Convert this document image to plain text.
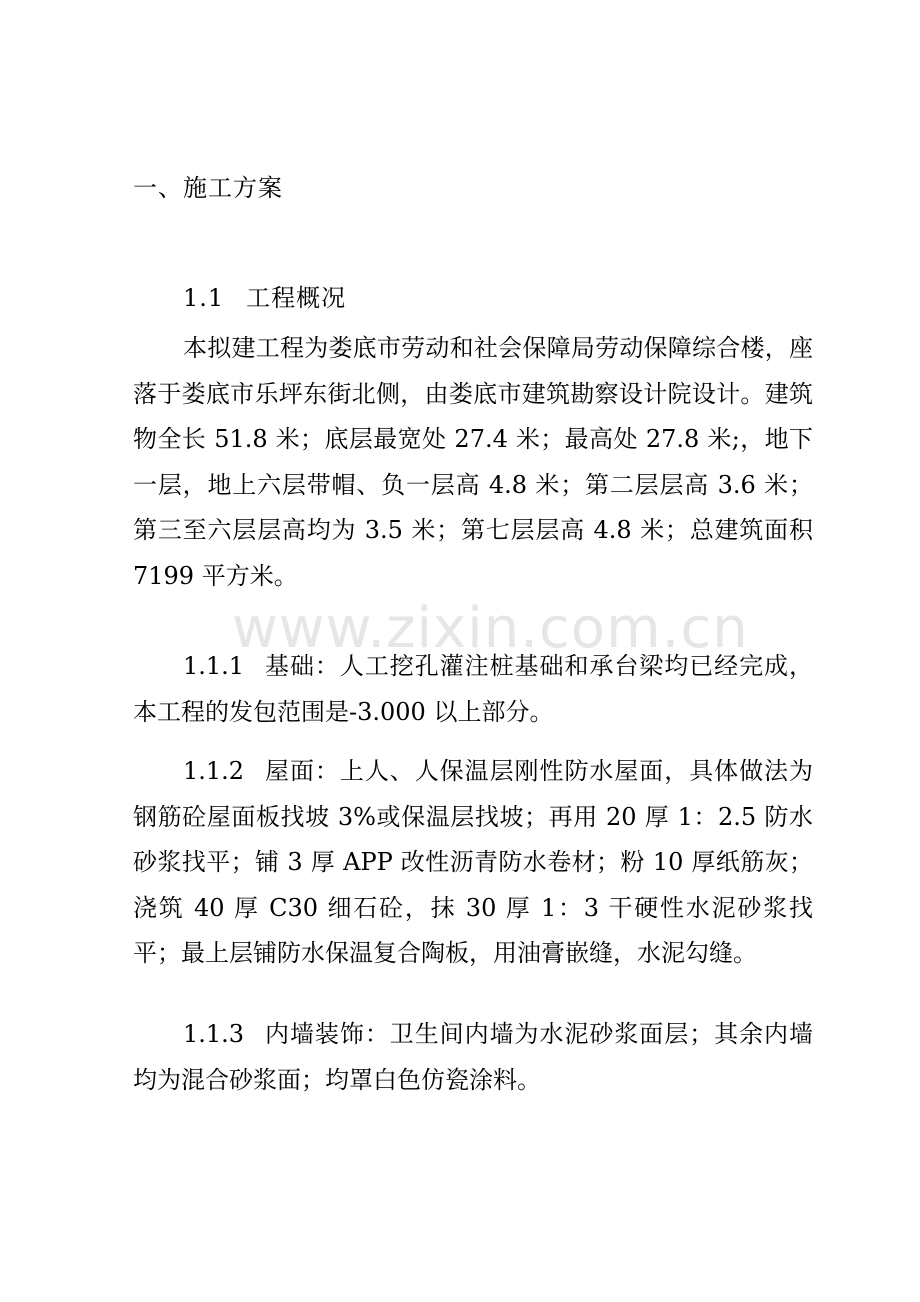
www.zixin.com.cn
一、施工方案
1.1 工程概况

本拟建工程为娄底市劳动和社会保障局劳动保障综合楼，座落于娄底市乐坪东街北侧，由娄底市建筑勘察设计院设计。建筑物全长 51.8 米；底层最宽处 27.4 米；最高处 27.8 米;，地下一层，地上六层带帽、负一层高 4.8 米；第二层层高 3.6 米；第三至六层层高均为 3.5 米；第七层层高 4.8 米；总建筑面积 7199 平方米。

1.1.1 基础：人工挖孔灌注桩基础和承台梁均已经完成，本工程的发包范围是-3.000 以上部分。

1.1.2 屋面：上人、人保温层刚性防水屋面，具体做法为钢筋砼屋面板找坡 3%或保温层找坡；再用 20 厚 1：2.5 防水砂浆找平；铺 3 厚 APP 改性沥青防水卷材；粉 10 厚纸筋灰；浇筑 40 厚 C30 细石砼，抹 30 厚 1：3 干硬性水泥砂浆找平；最上层铺防水保温复合陶板，用油膏嵌缝，水泥勾缝。

1.1.3 内墙装饰：卫生间内墙为水泥砂浆面层；其余内墙均为混合砂浆面；均罩白色仿瓷涂料。
